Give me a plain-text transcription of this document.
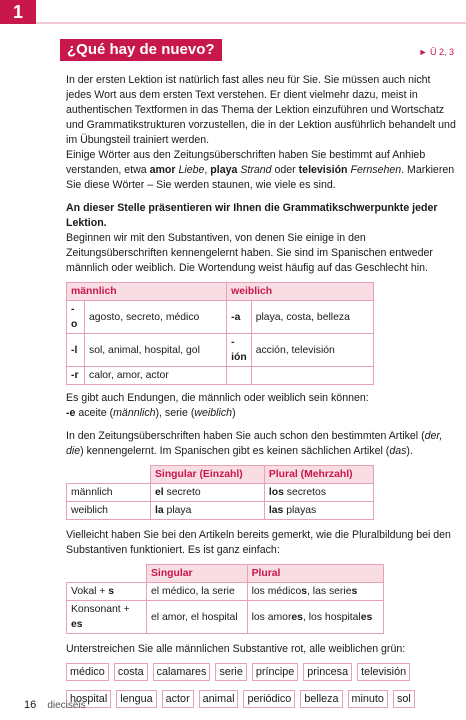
1
¿Qué hay de nuevo?	► Ü 2, 3

In der ersten Lektion ist natürlich fast alles neu für Sie. Sie müssen auch nicht jedes Wort aus dem ersten Text verstehen. Er dient vielmehr dazu, meist in authentischen Textformen in das Thema der Lektion einzuführen und Wortschatz und Grammatikstrukturen vorzustellen, die in der Lektion ausführlich behandelt und im Übungsteil trainiert werden.

Einige Wörter aus den Zeitungsüberschriften haben Sie bestimmt auf Anhieb verstanden, etwa amor Liebe, playa Strand oder televisión Fernsehen. Markieren Sie diese Wörter – Sie werden staunen, wie viele es sind.

An dieser Stelle präsentieren wir Ihnen die Grammatikschwerpunkte jeder Lektion.

Beginnen wir mit den Substantiven, von denen Sie einige in den Zeitungsüberschriften kennengelernt haben. Sie sind im Spanischen entweder männlich oder weiblich. Die Wortendung weist häufig auf das Geschlecht hin.

männlich		weiblich	
-o	agosto, secreto, médico	-a	playa, costa, belleza
-l	sol, animal, hospital, gol	-ión	acción, televisión
-r	calor, amor, actor		

Es gibt auch Endungen, die männlich oder weiblich sein können:

-e aceite (männlich), serie (weiblich)

In den Zeitungsüberschriften haben Sie auch schon den bestimmten Artikel (der, die) kennengelernt. Im Spanischen gibt es keinen sächlichen Artikel (das).

	Singular (Einzahl)	Plural (Mehrzahl)
männlich	el secreto	los secretos
weiblich	la playa	las playas

Vielleicht haben Sie bei den Artikeln bereits gemerkt, wie die Pluralbildung bei den Substantiven funktioniert. Es ist ganz einfach:

	Singular	Plural
Vokal + s	el médico, la serie	los médicos, las series
Konsonant + es	el amor, el hospital	los amores, los hospitales

Unterstreichen Sie alle männlichen Substantive rot, alle weiblichen grün:

médico	costa	calamares	serie	príncipe	princesa	televisión
hospital	lengua	actor	animal	periódico	belleza	minuto	sol
16 dieciséis
